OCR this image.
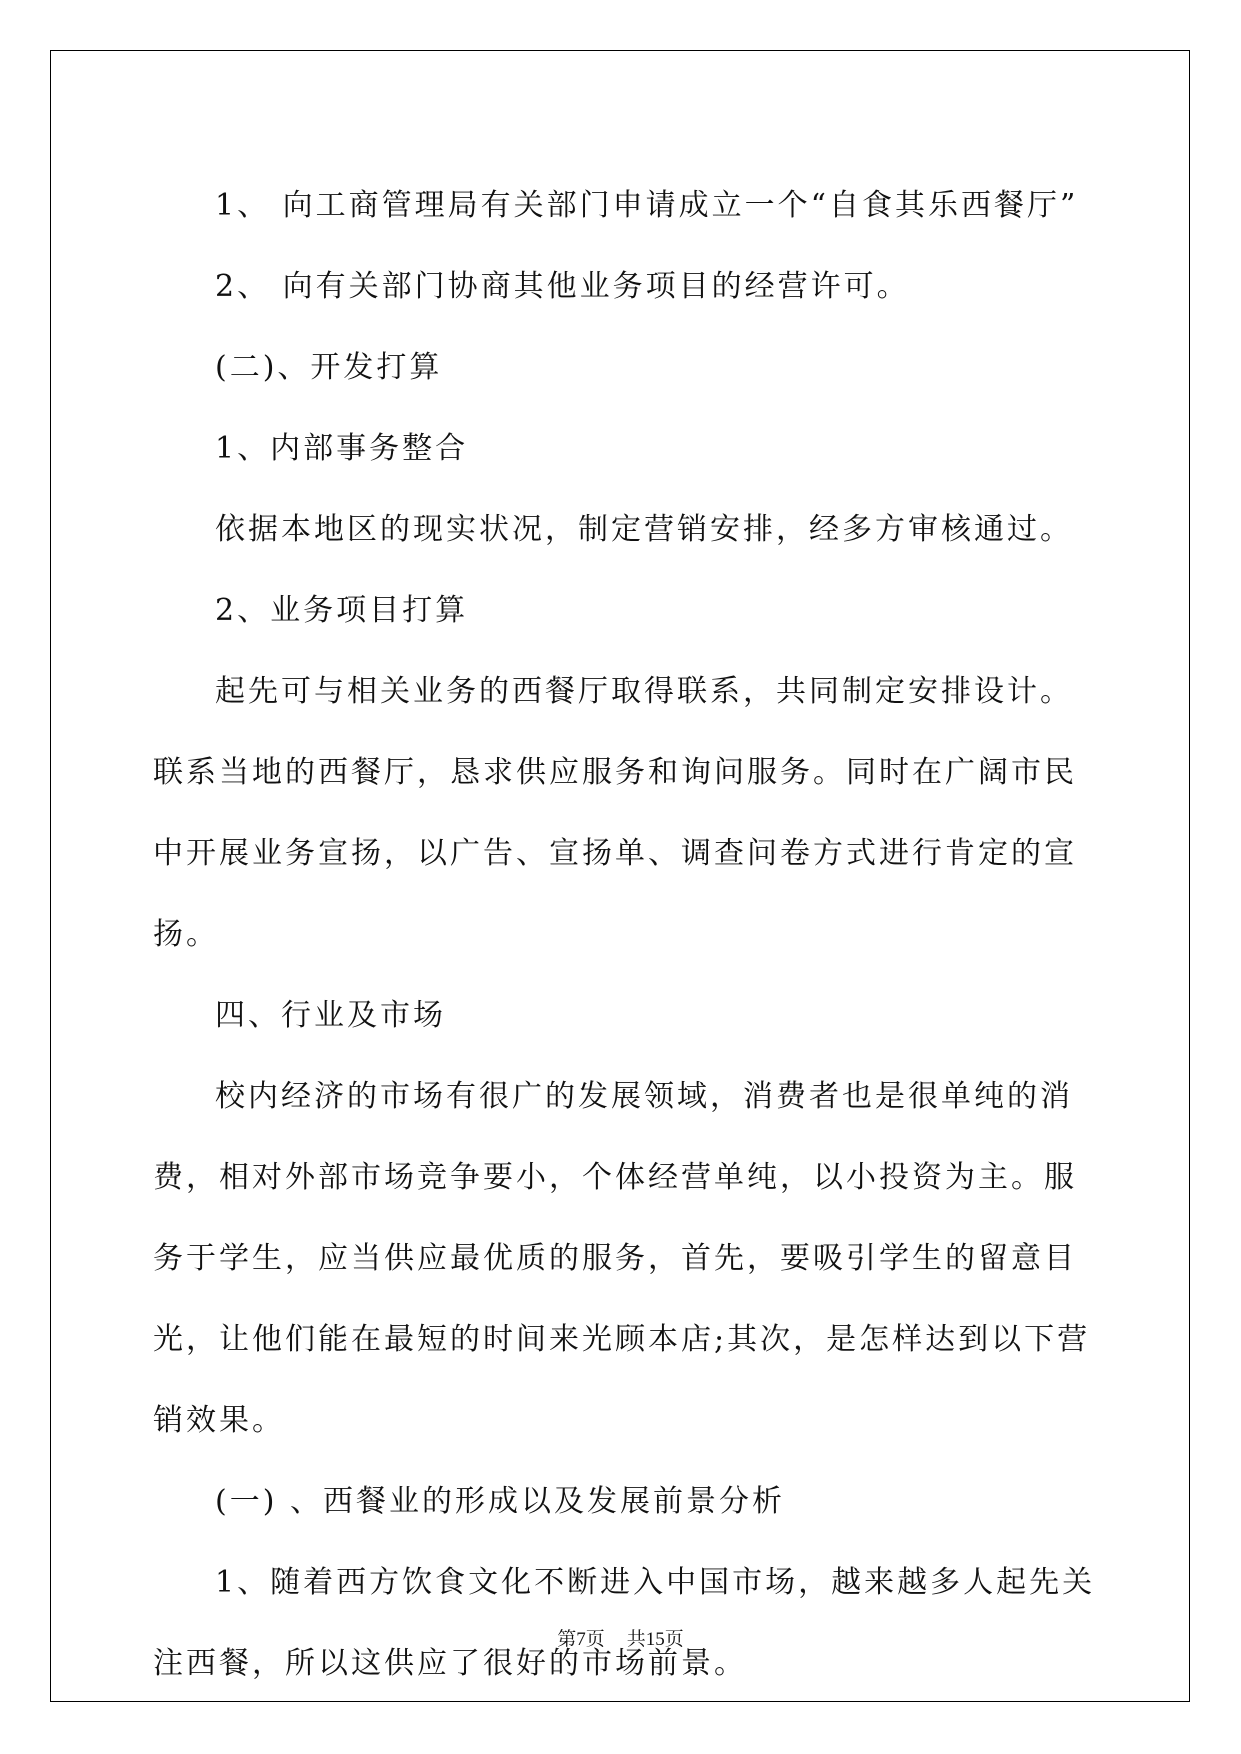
1、 向工商管理局有关部门申请成立一个“自食其乐西餐厅”

2、 向有关部门协商其他业务项目的经营许可。

(二)、开发打算

1、内部事务整合

依据本地区的现实状况，制定营销安排，经多方审核通过。

2、业务项目打算

起先可与相关业务的西餐厅取得联系，共同制定安排设计。联系当地的西餐厅，恳求供应服务和询问服务。同时在广阔市民中开展业务宣扬，以广告、宣扬单、调查问卷方式进行肯定的宣扬。

四、行业及市场

校内经济的市场有很广的发展领域，消费者也是很单纯的消费，相对外部市场竞争要小，个体经营单纯，以小投资为主。服务于学生，应当供应最优质的服务，首先，要吸引学生的留意目光，让他们能在最短的时间来光顾本店;其次，是怎样达到以下营销效果。

(一) 、西餐业的形成以及发展前景分析

1、随着西方饮食文化不断进入中国市场，越来越多人起先关注西餐，所以这供应了很好的市场前景。

第7页 共15页
